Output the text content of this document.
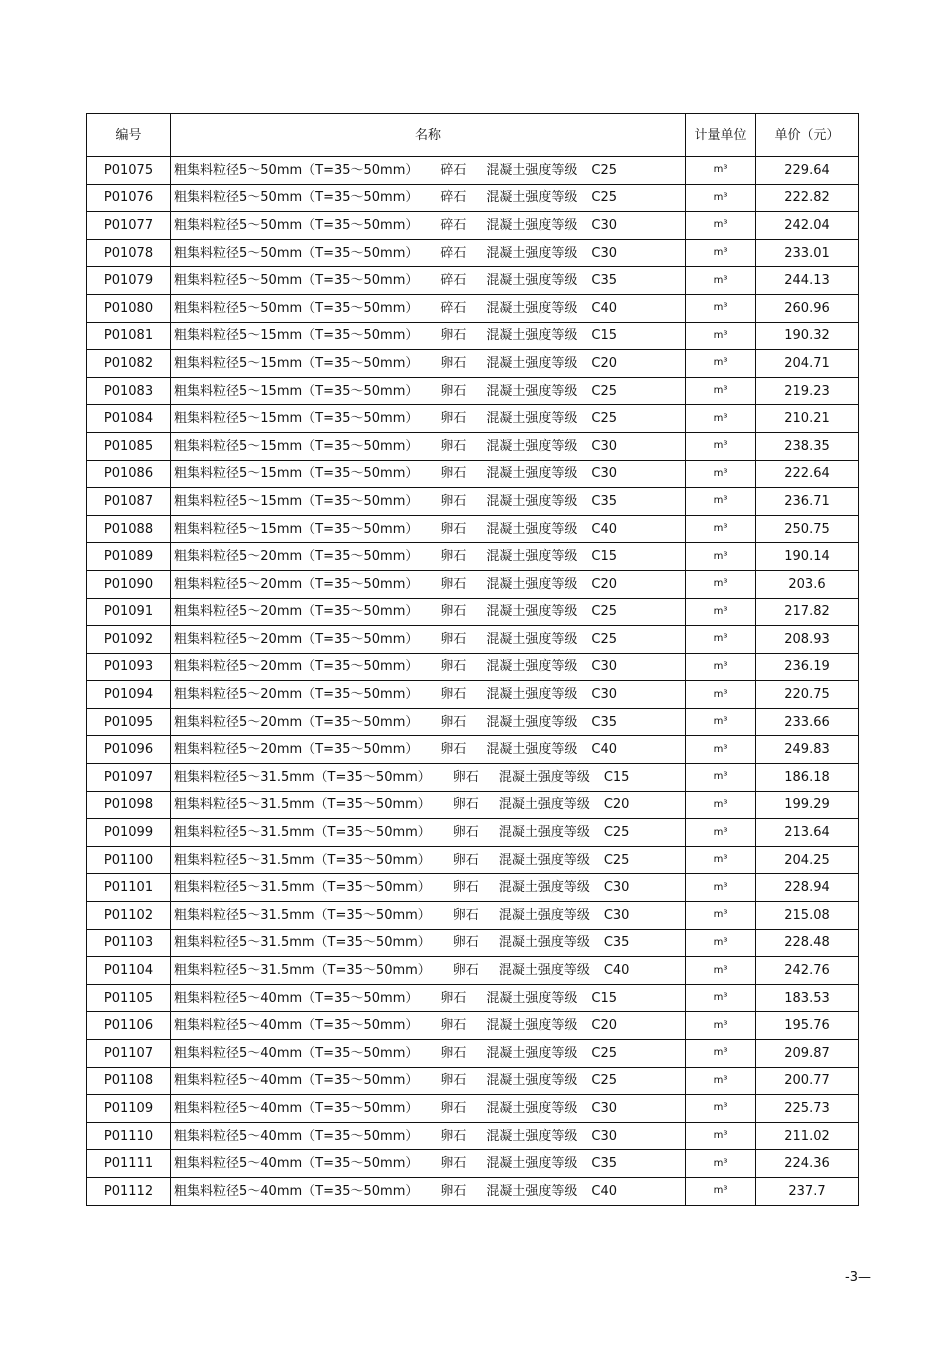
编号	名称	计量单位	单价（元）
P01075	粗集料粒径5～50mm（T=35～50mm） 碎石 混凝土强度等级 C25	m³	229.64
P01076	粗集料粒径5～50mm（T=35～50mm） 碎石 混凝土强度等级 C25	m³	222.82
P01077	粗集料粒径5～50mm（T=35～50mm） 碎石 混凝土强度等级 C30	m³	242.04
P01078	粗集料粒径5～50mm（T=35～50mm） 碎石 混凝土强度等级 C30	m³	233.01
P01079	粗集料粒径5～50mm（T=35～50mm） 碎石 混凝土强度等级 C35	m³	244.13
P01080	粗集料粒径5～50mm（T=35～50mm） 碎石 混凝土强度等级 C40	m³	260.96
P01081	粗集料粒径5～15mm（T=35～50mm） 卵石 混凝土强度等级 C15	m³	190.32
P01082	粗集料粒径5～15mm（T=35～50mm） 卵石 混凝土强度等级 C20	m³	204.71
P01083	粗集料粒径5～15mm（T=35～50mm） 卵石 混凝土强度等级 C25	m³	219.23
P01084	粗集料粒径5～15mm（T=35～50mm） 卵石 混凝土强度等级 C25	m³	210.21
P01085	粗集料粒径5～15mm（T=35～50mm） 卵石 混凝土强度等级 C30	m³	238.35
P01086	粗集料粒径5～15mm（T=35～50mm） 卵石 混凝土强度等级 C30	m³	222.64
P01087	粗集料粒径5～15mm（T=35～50mm） 卵石 混凝土强度等级 C35	m³	236.71
P01088	粗集料粒径5～15mm（T=35～50mm） 卵石 混凝土强度等级 C40	m³	250.75
P01089	粗集料粒径5～20mm（T=35～50mm） 卵石 混凝土强度等级 C15	m³	190.14
P01090	粗集料粒径5～20mm（T=35～50mm） 卵石 混凝土强度等级 C20	m³	203.6
P01091	粗集料粒径5～20mm（T=35～50mm） 卵石 混凝土强度等级 C25	m³	217.82
P01092	粗集料粒径5～20mm（T=35～50mm） 卵石 混凝土强度等级 C25	m³	208.93
P01093	粗集料粒径5～20mm（T=35～50mm） 卵石 混凝土强度等级 C30	m³	236.19
P01094	粗集料粒径5～20mm（T=35～50mm） 卵石 混凝土强度等级 C30	m³	220.75
P01095	粗集料粒径5～20mm（T=35～50mm） 卵石 混凝土强度等级 C35	m³	233.66
P01096	粗集料粒径5～20mm（T=35～50mm） 卵石 混凝土强度等级 C40	m³	249.83
P01097	粗集料粒径5～31.5mm（T=35～50mm） 卵石 混凝土强度等级 C15	m³	186.18
P01098	粗集料粒径5～31.5mm（T=35～50mm） 卵石 混凝土强度等级 C20	m³	199.29
P01099	粗集料粒径5～31.5mm（T=35～50mm） 卵石 混凝土强度等级 C25	m³	213.64
P01100	粗集料粒径5～31.5mm（T=35～50mm） 卵石 混凝土强度等级 C25	m³	204.25
P01101	粗集料粒径5～31.5mm（T=35～50mm） 卵石 混凝土强度等级 C30	m³	228.94
P01102	粗集料粒径5～31.5mm（T=35～50mm） 卵石 混凝土强度等级 C30	m³	215.08
P01103	粗集料粒径5～31.5mm（T=35～50mm） 卵石 混凝土强度等级 C35	m³	228.48
P01104	粗集料粒径5～31.5mm（T=35～50mm） 卵石 混凝土强度等级 C40	m³	242.76
P01105	粗集料粒径5～40mm（T=35～50mm） 卵石 混凝土强度等级 C15	m³	183.53
P01106	粗集料粒径5～40mm（T=35～50mm） 卵石 混凝土强度等级 C20	m³	195.76
P01107	粗集料粒径5～40mm（T=35～50mm） 卵石 混凝土强度等级 C25	m³	209.87
P01108	粗集料粒径5～40mm（T=35～50mm） 卵石 混凝土强度等级 C25	m³	200.77
P01109	粗集料粒径5～40mm（T=35～50mm） 卵石 混凝土强度等级 C30	m³	225.73
P01110	粗集料粒径5～40mm（T=35～50mm） 卵石 混凝土强度等级 C30	m³	211.02
P01111	粗集料粒径5～40mm（T=35～50mm） 卵石 混凝土强度等级 C35	m³	224.36
P01112	粗集料粒径5～40mm（T=35～50mm） 卵石 混凝土强度等级 C40	m³	237.7
-3—
